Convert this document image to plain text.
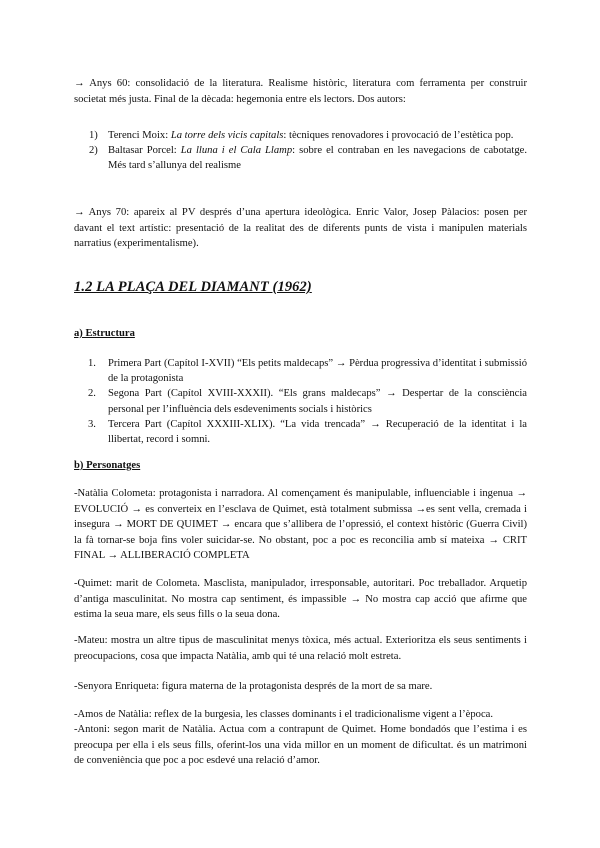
→ Anys 60: consolidació de la literatura. Realisme històric, literatura com ferramenta per construir societat més justa. Final de la dècada: hegemonia entre els lectors. Dos autors:

1) Terenci Moix: La torre dels vicis capitals: tècniques renovadores i provocació de l’estètica pop.
2) Baltasar Porcel: La lluna i el Cala Llamp: sobre el contraban en les navegacions de cabotatge. Més tard s’allunya del realisme

→ Anys 70: apareix al PV després d’una apertura ideològica. Enric Valor, Josep Pàlacios: posen per davant el text artístic: presentació de la realitat des de diferents punts de vista i manipulen materials narratius (experimentalisme).

1.2 LA PLAÇA DEL DIAMANT (1962)
a) Estructura
1. Primera Part (Capítol I-XVII) “Els petits maldecaps” → Pèrdua progressiva d’identitat i submissió de la protagonista
2. Segona Part (Capítol XVIII-XXXII). “Els grans maldecaps” → Despertar de la consciència personal per l’influència dels esdeveniments socials i històrics
3. Tercera Part (Capítol XXXIII-XLIX). “La vida trencada” → Recuperació de la identitat i la llibertat, record i somni.
b) Personatges

-Natàlia Colometa: protagonista i narradora. Al començament és manipulable, influenciable i ingenua → EVOLUCIÓ → es converteix en l’esclava de Quimet, està totalment submissa →es sent vella, cremada i insegura → MORT DE QUIMET → encara que s’allibera de l’opressió, el context històric (Guerra Civil) la fà tornar-se boja fins voler suicidar-se. No obstant, poc a poc es reconcilia amb sí mateixa → CRIT FINAL → ALLIBERACIÓ COMPLETA

-Quimet: marit de Colometa. Masclista, manipulador, irresponsable, autoritari. Poc treballador. Arquetip d’antiga masculinitat. No mostra cap sentiment, és impassible → No mostra cap acció que afirme que estima la seua mare, els seus fills o la seua dona.

-Mateu: mostra un altre tipus de masculinitat menys tòxica, més actual. Exterioritza els seus sentiments i preocupacions, cosa que impacta Natàlia, amb qui té una relació molt estreta.

-Senyora Enriqueta: figura materna de la protagonista després de la mort de sa mare.

-Amos de Natàlia: reflex de la burgesia, les classes dominants i el tradicionalisme vigent a l’època.

-Antoni: segon marit de Natàlia. Actua com a contrapunt de Quimet. Home bondadós que l’estima i es preocupa per ella i els seus fills, oferint-los una vida millor en un moment de dificultat. és un matrimoni de conveniència que poc a poc esdevé una relació d’amor.
